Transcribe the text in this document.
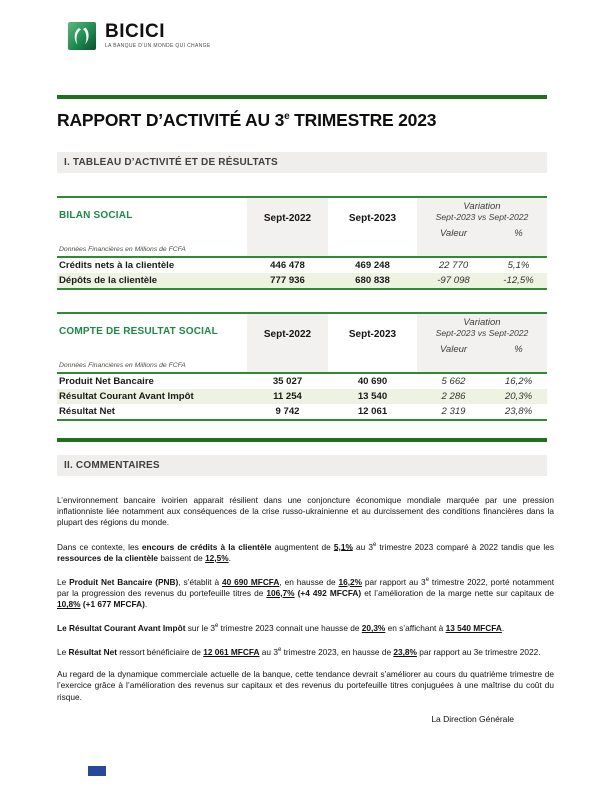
BICICI
LA BANQUE D’UN MONDE QUI CHANGE
RAPPORT D’ACTIVITÉ AU 3e TRIMESTRE 2023
I. TABLEAU D’ACTIVITÉ ET DE RÉSULTATS
BILAN SOCIAL
Données Financières en Millions de FCFA
Sept-2022	Sept-2023
Variation
Sept-2023 vs Sept-2022
Valeur	%
Crédits nets à la clientèle	446 478	469 248	22 770	5,1%
Dépôts de la clientèle	777 936	680 838	-97 098	-12,5%
COMPTE DE RESULTAT SOCIAL
Données Financières en Millions de FCFA
Sept-2022	Sept-2023
Variation
Sept-2023 vs Sept-2022
Valeur	%
Produit Net Bancaire	35 027	40 690	5 662	16,2%
Résultat Courant Avant Impôt	11 254	13 540	2 286	20,3%
Résultat Net	9 742	12 061	2 319	23,8%
II. COMMENTAIRES

L’environnement bancaire ivoirien apparait résilient dans une conjoncture économique mondiale marquée par une pression inflationniste liée notamment aux conséquences de la crise russo-ukrainienne et au durcissement des conditions financières dans la plupart des régions du monde.

Dans ce contexte, les encours de crédits à la clientèle augmentent de 5,1% au 3e trimestre 2023 comparé à 2022 tandis que les ressources de la clientèle baissent de 12,5%.

Le Produit Net Bancaire (PNB), s’établit à 40 690 MFCFA, en hausse de 16,2% par rapport au 3e trimestre 2022, porté notamment par la progression des revenus du portefeuille titres de 106,7% (+4 492 MFCFA) et l’amélioration de la marge nette sur capitaux de 10,8% (+1 677 MFCFA).

Le Résultat Courant Avant Impôt sur le 3e trimestre 2023 connait une hausse de 20,3% en s’affichant à 13 540 MFCFA.

Le Résultat Net ressort bénéficiaire de 12 061 MFCFA au 3e trimestre 2023, en hausse de 23,8% par rapport au 3e trimestre 2022.

Au regard de la dynamique commerciale actuelle de la banque, cette tendance devrait s’améliorer au cours du quatrième trimestre de l’exercice grâce à l’amélioration des revenus sur capitaux et des revenus du portefeuille titres conjuguées à une maîtrise du coût du risque.

La Direction Générale
